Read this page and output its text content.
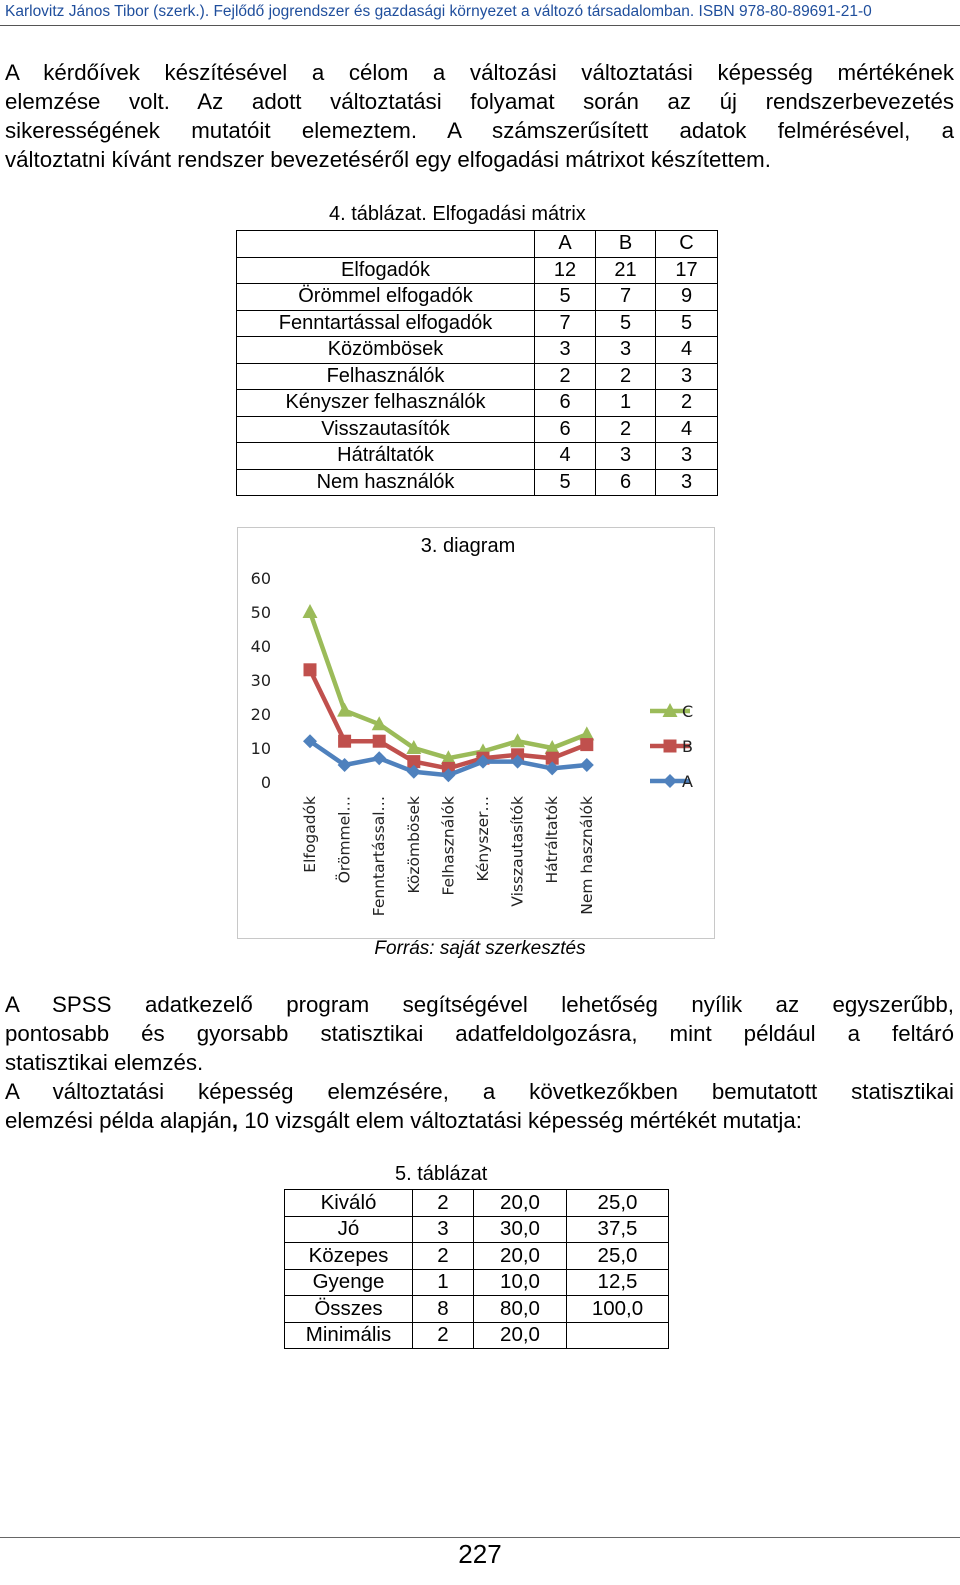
Karlovitz János Tibor (szerk.). Fejlődő jogrendszer és gazdasági környezet a változó társadalomban. ISBN 978-80-89691-21-0
A kérdőívek készítésével a célom a változási változtatási képesség mértékének
elemzése volt. Az adott változtatási folyamat során az új rendszerbevezetés
sikerességének mutatóit elemeztem. A számszerűsített adatok felmérésével, a
változtatni kívánt rendszer bevezetéséről egy elfogadási mátrixot készítettem.
4. táblázat. Elfogadási mátrix
	A	B	C
Elfogadók	12	21	17
Örömmel elfogadók	5	7	9
Fenntartással elfogadók	7	5	5
Közömbösek	3	3	4
Felhasználók	2	2	3
Kényszer felhasználók	6	1	2
Visszautasítók	6	2	4
Hátráltatók	4	3	3
Nem használók	5	6	3
3. diagram
0
10
20
30
40
50
60
Elfogadók Örömmel… Fenntartással… Közömbösek Felhasználók Kényszer… Visszautasítók Hátráltatók Nem használók
C
B
A
Forrás: saját szerkesztés
A SPSS adatkezelő program segítségével lehetőség nyílik az egyszerűbb,
pontosabb és gyorsabb statisztikai adatfeldolgozásra, mint például a feltáró
statisztikai elemzés.
A változtatási képesség elemzésére, a következőkben bemutatott statisztikai
elemzési példa alapján, 10 vizsgált elem változtatási képesség mértékét mutatja:
5. táblázat
Kiváló	2	20,0	25,0
Jó	3	30,0	37,5
Közepes	2	20,0	25,0
Gyenge	1	10,0	12,5
Összes	8	80,0	100,0
Minimális	2	20,0	
227
